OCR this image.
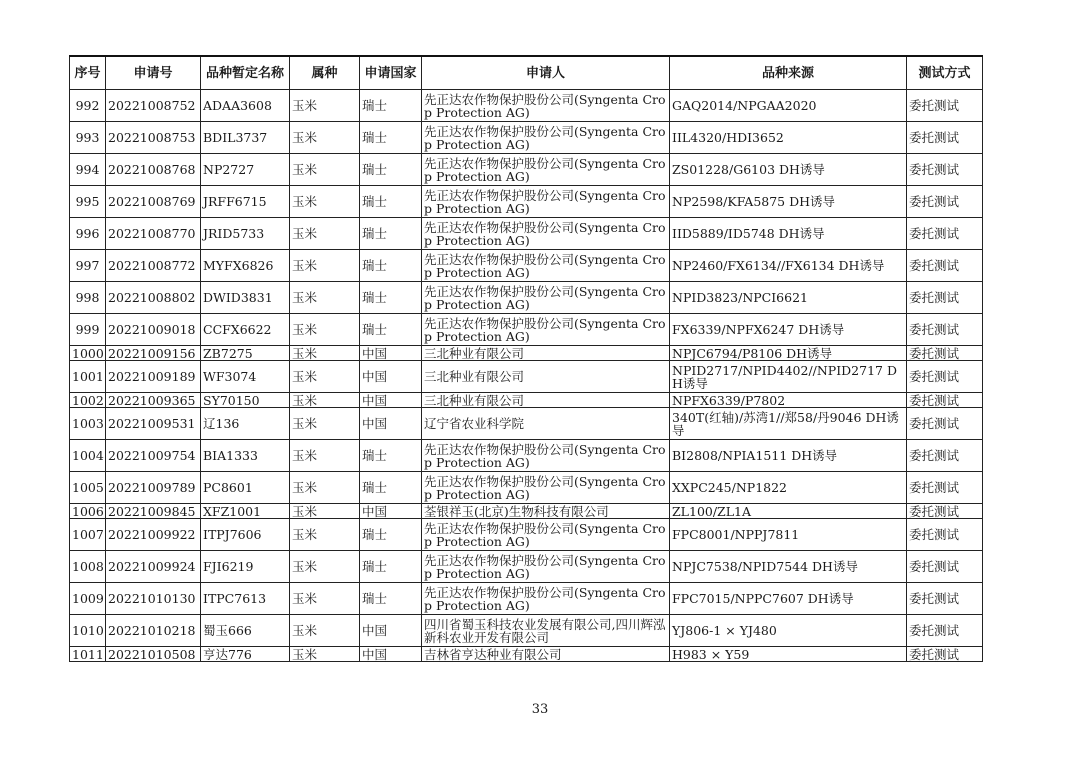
序号	申请号	品种暂定名称	属种	申请国家	申请人	品种来源	测试方式
992	20221008752	ADAA3608	玉米	瑞士	先正达农作物保护股份公司(Syngenta Crop Protection AG)	GAQ2014/NPGAA2020	委托测试
993	20221008753	BDIL3737	玉米	瑞士	先正达农作物保护股份公司(Syngenta Crop Protection AG)	IIL4320/HDI3652	委托测试
994	20221008768	NP2727	玉米	瑞士	先正达农作物保护股份公司(Syngenta Crop Protection AG)	ZS01228/G6103 DH诱导	委托测试
995	20221008769	JRFF6715	玉米	瑞士	先正达农作物保护股份公司(Syngenta Crop Protection AG)	NP2598/KFA5875 DH诱导	委托测试
996	20221008770	JRID5733	玉米	瑞士	先正达农作物保护股份公司(Syngenta Crop Protection AG)	IID5889/ID5748 DH诱导	委托测试
997	20221008772	MYFX6826	玉米	瑞士	先正达农作物保护股份公司(Syngenta Crop Protection AG)	NP2460/FX6134//FX6134 DH诱导	委托测试
998	20221008802	DWID3831	玉米	瑞士	先正达农作物保护股份公司(Syngenta Crop Protection AG)	NPID3823/NPCI6621	委托测试
999	20221009018	CCFX6622	玉米	瑞士	先正达农作物保护股份公司(Syngenta Crop Protection AG)	FX6339/NPFX6247 DH诱导	委托测试
1000	20221009156	ZB7275	玉米	中国	三北种业有限公司	NPJC6794/P8106 DH诱导	委托测试
1001	20221009189	WF3074	玉米	中国	三北种业有限公司	NPID2717/NPID4402//NPID2717 DH诱导	委托测试
1002	20221009365	SY70150	玉米	中国	三北种业有限公司	NPFX6339/P7802	委托测试
1003	20221009531	辽136	玉米	中国	辽宁省农业科学院	340T(红轴)/苏湾1//郑58/丹9046 DH诱导	委托测试
1004	20221009754	BIA1333	玉米	瑞士	先正达农作物保护股份公司(Syngenta Crop Protection AG)	BI2808/NPIA1511 DH诱导	委托测试
1005	20221009789	PC8601	玉米	瑞士	先正达农作物保护股份公司(Syngenta Crop Protection AG)	XXPC245/NP1822	委托测试
1006	20221009845	XFZ1001	玉米	中国	荃银祥玉(北京)生物科技有限公司	ZL100/ZL1A	委托测试
1007	20221009922	ITPJ7606	玉米	瑞士	先正达农作物保护股份公司(Syngenta Crop Protection AG)	FPC8001/NPPJ7811	委托测试
1008	20221009924	FJI6219	玉米	瑞士	先正达农作物保护股份公司(Syngenta Crop Protection AG)	NPJC7538/NPID7544 DH诱导	委托测试
1009	20221010130	ITPC7613	玉米	瑞士	先正达农作物保护股份公司(Syngenta Crop Protection AG)	FPC7015/NPPC7607 DH诱导	委托测试
1010	20221010218	蜀玉666	玉米	中国	四川省蜀玉科技农业发展有限公司,四川辉泓新科农业开发有限公司	YJ806-1 × YJ480	委托测试
1011	20221010508	亨达776	玉米	中国	吉林省亨达种业有限公司	H983 × Y59	委托测试
33
